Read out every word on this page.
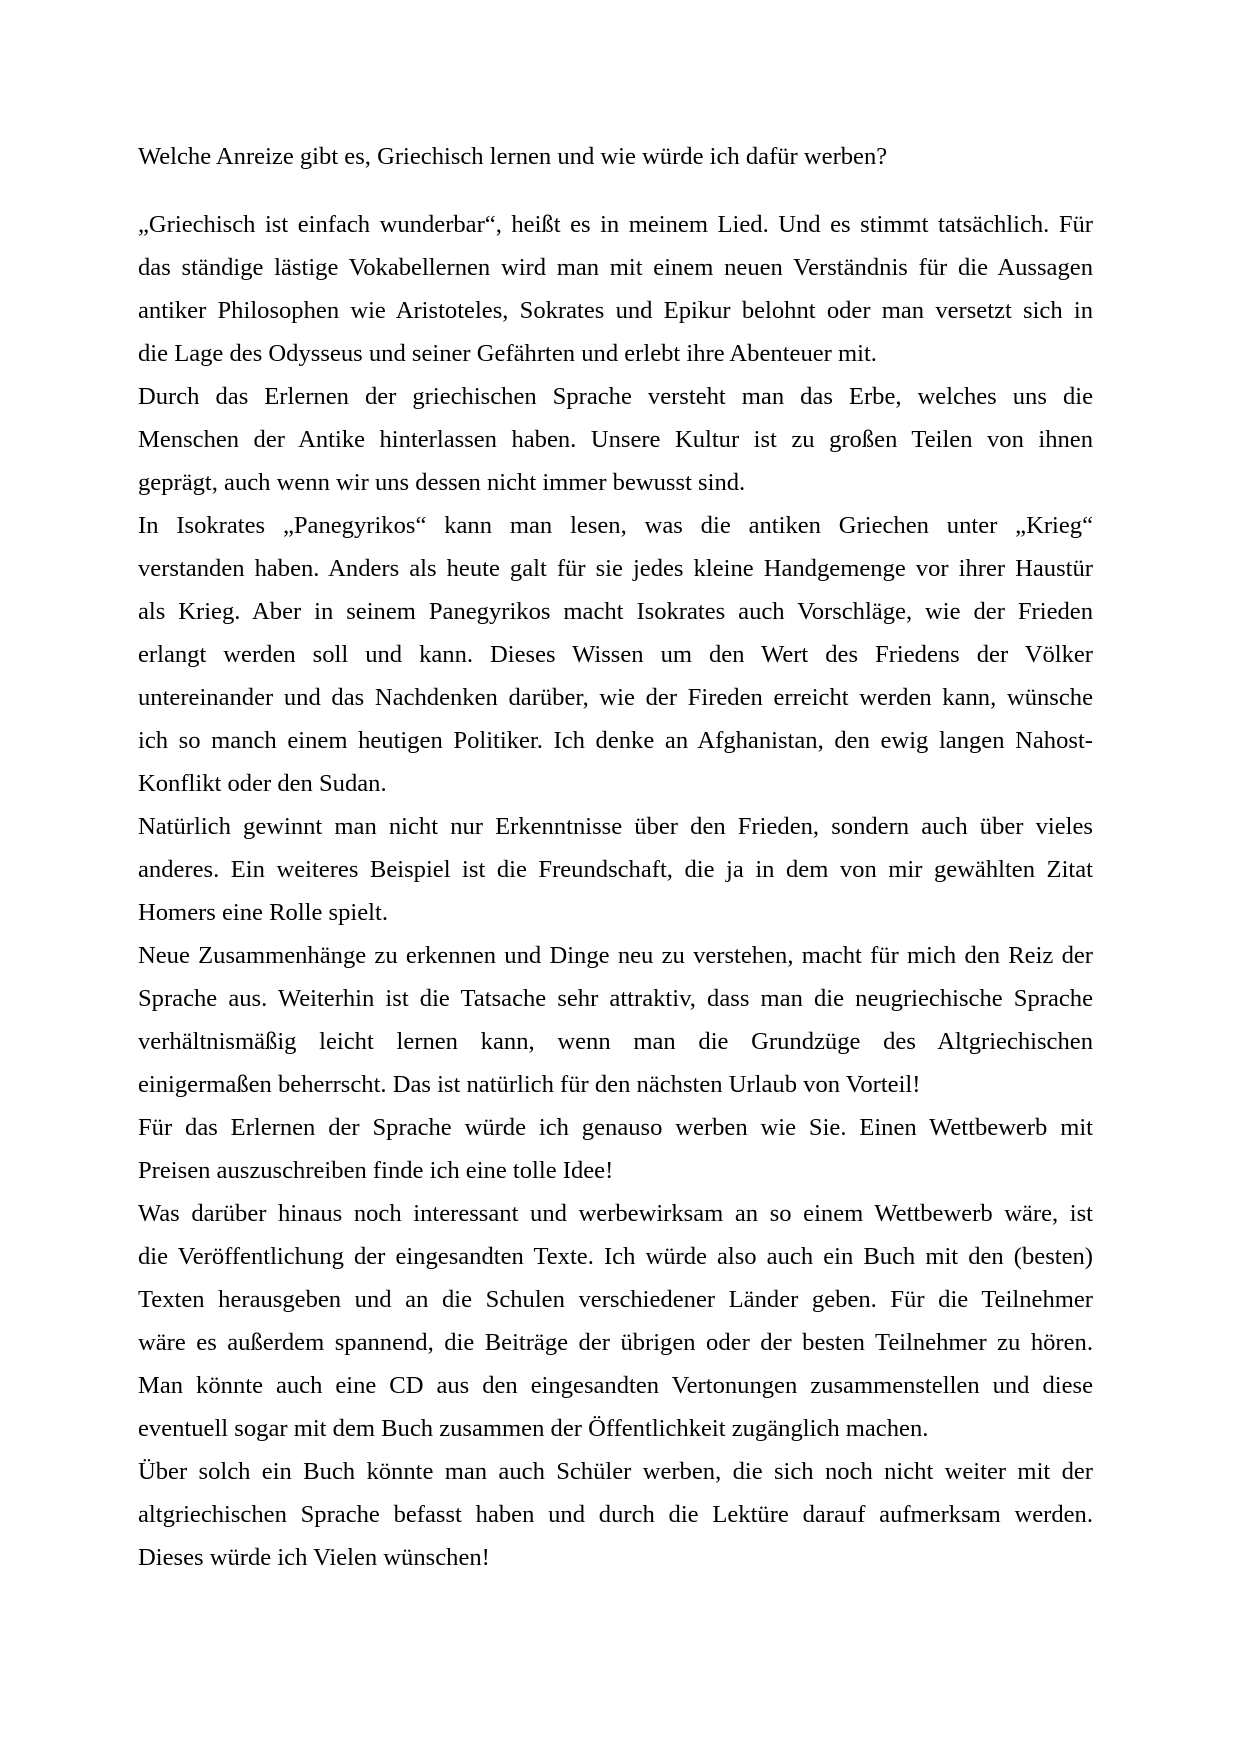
Welche Anreize gibt es, Griechisch lernen und wie würde ich dafür werben?
„Griechisch ist einfach wunderbar“, heißt es in meinem Lied. Und es stimmt tatsächlich. Für
das ständige lästige Vokabellernen wird man mit einem neuen Verständnis für die Aussagen
antiker Philosophen wie Aristoteles, Sokrates und Epikur belohnt oder man versetzt sich in
die Lage des Odysseus und seiner Gefährten und erlebt ihre Abenteuer mit.
Durch das Erlernen der griechischen Sprache versteht man das Erbe, welches uns die
Menschen der Antike hinterlassen haben. Unsere Kultur ist zu großen Teilen von ihnen
geprägt, auch wenn wir uns dessen nicht immer bewusst sind.
In Isokrates „Panegyrikos“ kann man lesen, was die antiken Griechen unter „Krieg“
verstanden haben. Anders als heute galt für sie jedes kleine Handgemenge vor ihrer Haustür
als Krieg. Aber in seinem Panegyrikos macht Isokrates auch Vorschläge, wie der Frieden
erlangt werden soll und kann. Dieses Wissen um den Wert des Friedens der Völker
untereinander und das Nachdenken darüber, wie der Fireden erreicht werden kann, wünsche
ich so manch einem heutigen Politiker. Ich denke an Afghanistan, den ewig langen Nahost-
Konflikt oder den Sudan.
Natürlich gewinnt man nicht nur Erkenntnisse über den Frieden, sondern auch über vieles
anderes. Ein weiteres Beispiel ist die Freundschaft, die ja in dem von mir gewählten Zitat
Homers eine Rolle spielt.
Neue Zusammenhänge zu erkennen und Dinge neu zu verstehen, macht für mich den Reiz der
Sprache aus. Weiterhin ist die Tatsache sehr attraktiv, dass man die neugriechische Sprache
verhältnismäßig leicht lernen kann, wenn man die Grundzüge des Altgriechischen
einigermaßen beherrscht. Das ist natürlich für den nächsten Urlaub von Vorteil!
Für das Erlernen der Sprache würde ich genauso werben wie Sie. Einen Wettbewerb mit
Preisen auszuschreiben finde ich eine tolle Idee!
Was darüber hinaus noch interessant und werbewirksam an so einem Wettbewerb wäre, ist
die Veröffentlichung der eingesandten Texte. Ich würde also auch ein Buch mit den (besten)
Texten herausgeben und an die Schulen verschiedener Länder geben. Für die Teilnehmer
wäre es außerdem spannend, die Beiträge der übrigen oder der besten Teilnehmer zu hören.
Man könnte auch eine CD aus den eingesandten Vertonungen zusammenstellen und diese
eventuell sogar mit dem Buch zusammen der Öffentlichkeit zugänglich machen.
Über solch ein Buch könnte man auch Schüler werben, die sich noch nicht weiter mit der
altgriechischen Sprache befasst haben und durch die Lektüre darauf aufmerksam werden.
Dieses würde ich Vielen wünschen!
